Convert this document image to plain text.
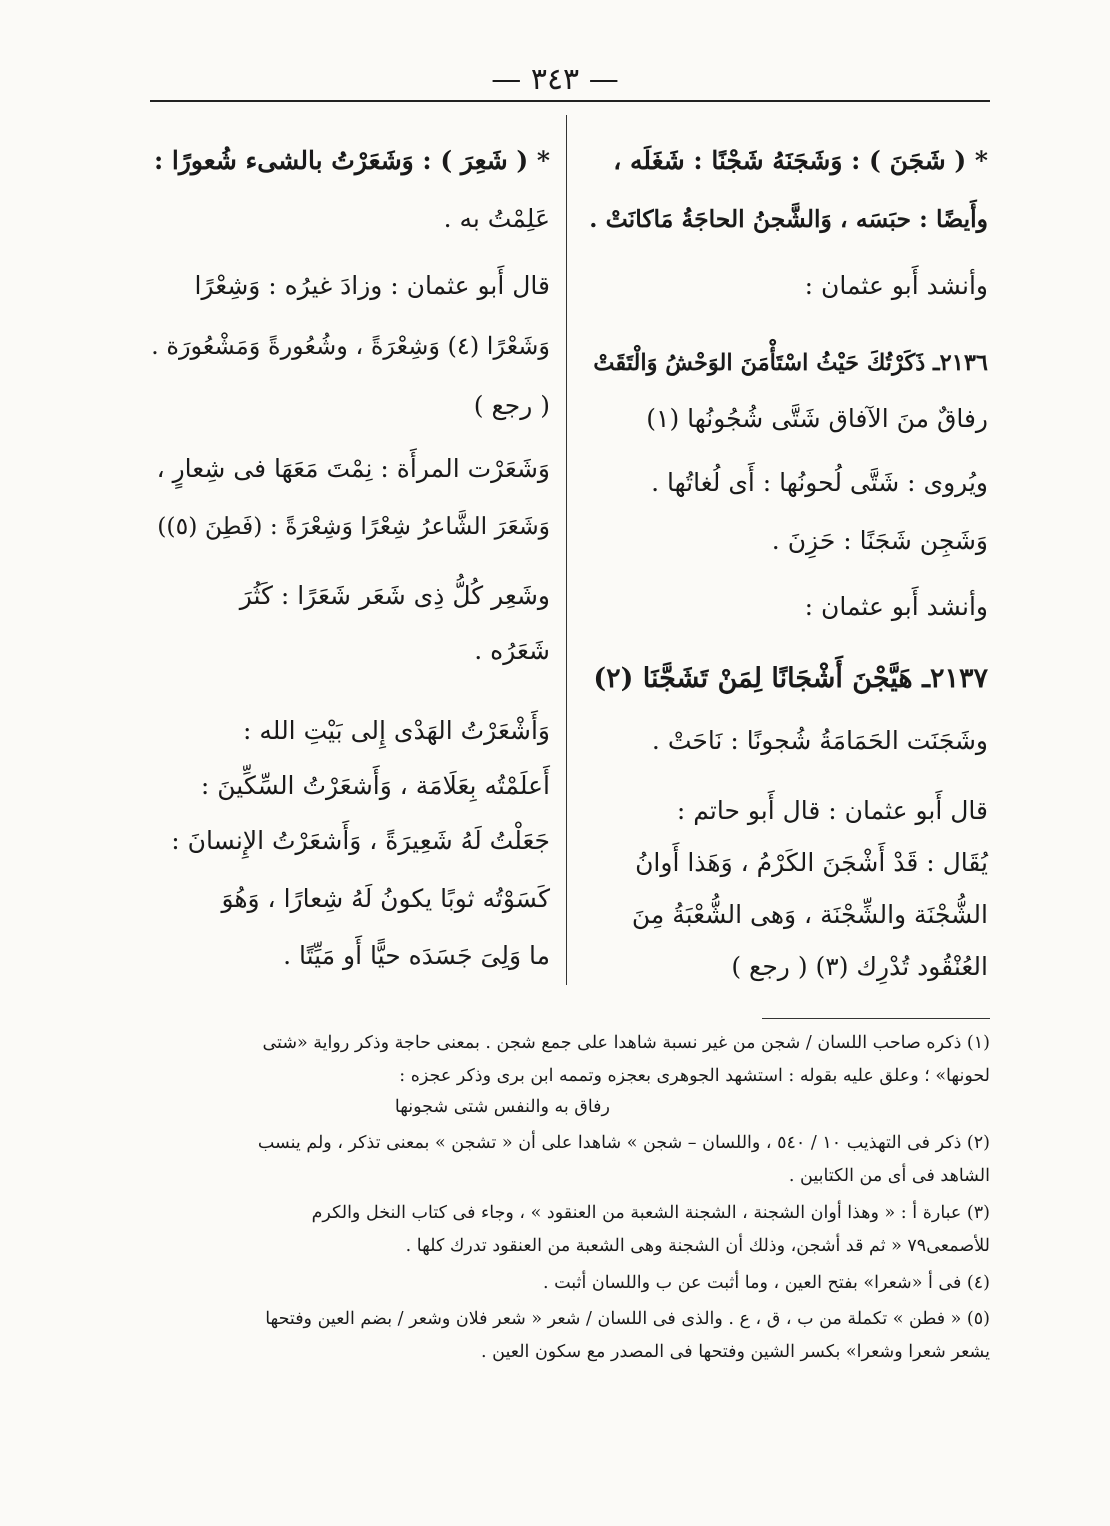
— ٣٤٣ —
* ( شَجَنَ ) : وَشَجَنَهُ شَجْنًا : شَغَلَه ،
وأَيضًا : حبَسَه ، وَالشَّجنُ الحاجَةُ مَاكانَتْ .
وأنشد أَبو عثمان :
٢١٣٦ـ ذَكَرْتُكَ حَيْثُ اسْتَأْمَنَ الوَحْشُ وَالْتَقَتْ
رفاقٌ منَ الآفاق شَتَّى شُجُونُها (١)
ويُروى : شَتَّى لُحونُها : أَى لُغاتُها .
وَشَجِن شَجَنًا : حَزِنَ .
وأنشد أَبو عثمان :
٢١٣٧ـ هَيَّجْنَ أَشْجَانًا لِمَنْ تَشَجَّنَا (٢)
وشَجَنَت الحَمَامَةُ شُجونًا : نَاحَتْ .
قال أَبو عثمان : قال أَبو حاتم :
يُقَال : قَدْ أَشْجَنَ الكَرْمُ ، وَهَذا أَوانُ
الشُّجْنَة والشِّجْنَة ، وَهى الشُّعْبَةُ مِنَ
العُنْقُود تُدْرِك (٣) ( رجع )
* ( شَعِرَ ) : وَشَعَرْتُ بالشىء شُعورًا :
عَلِمْتُ به .
قال أَبو عثمان : وزادَ غيرُه : وَشِعْرًا
وَشَعْرًا (٤) وَشِعْرَةً ، وشُعُورةً وَمَشْعُورَة .
( رجع )
وَشَعَرْت المرأَة : نِمْتَ مَعَهَا فى شِعارٍ ،
وَشَعَرَ الشَّاعرُ شِعْرًا وَشِعْرَةً : (فَطِنَ (٥))
وشَعِر كُلُّ ذِى شَعَر شَعَرًا : كَثُرَ
شَعَرُه .
وَأَشْعَرْتُ الهَدْى إِلى بَيْتِ الله :
أَعلَمْتُه بِعَلَامَة ، وَأَشعَرْتُ السِّكِّينَ :
جَعَلْتُ لَهُ شَعِيرَةً ، وَأَشعَرْتُ الإِنسانَ :
كَسَوْتُه ثوبًا يكونُ لَهُ شِعارًا ، وَهُوَ
ما وَلِىَ جَسَدَه حيًّا أَو مَيِّتًا .
(١) ذكره صاحب اللسان / شجن من غير نسبة شاهدا على جمع شجن . بمعنى حاجة وذكر رواية «شتى
لحونها» ؛ وعلق عليه بقوله : استشهد الجوهرى بعجزه وتممه ابن برى وذكر عجزه :
رفاق به والنفس شتى شجونها
(٢) ذكر فى التهذيب ١٠ / ٥٤٠ ، واللسان – شجن » شاهدا على أن « تشجن » بمعنى تذكر ، ولم ينسب
الشاهد فى أى من الكتابين .
(٣) عبارة أ : « وهذا أوان الشجنة ، الشجنة الشعبة من العنقود » ، وجاء فى كتاب النخل والكرم
للأصمعى٧٩ « ثم قد أشجن، وذلك أن الشجنة وهى الشعبة من العنقود تدرك كلها .
(٤) فى أ «شعرا» بفتح العين ، وما أثبت عن ب واللسان أثبت .
(٥) « فطن » تكملة من ب ، ق ، ع . والذى فى اللسان / شعر « شعر فلان وشعر / بضم العين وفتحها
يشعر شعرا وشعرا» بكسر الشين وفتحها فى المصدر مع سكون العين .
